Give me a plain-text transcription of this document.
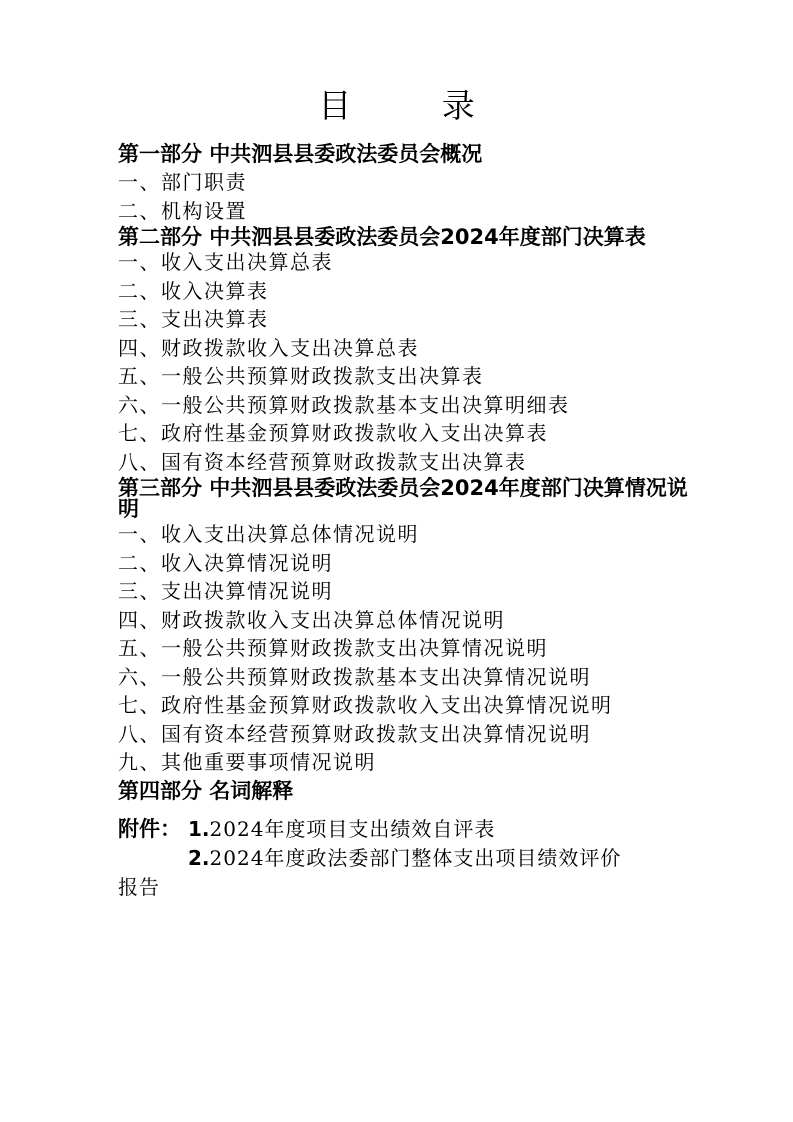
目 录
第一部分 中共泗县县委政法委员会概况
一、部门职责
二、机构设置
第二部分 中共泗县县委政法委员会2024年度部门决算表
一、收入支出决算总表
二、收入决算表
三、支出决算表
四、财政拨款收入支出决算总表
五、一般公共预算财政拨款支出决算表
六、一般公共预算财政拨款基本支出决算明细表
七、政府性基金预算财政拨款收入支出决算表
八、国有资本经营预算财政拨款支出决算表
第三部分 中共泗县县委政法委员会2024年度部门决算情况说明
一、收入支出决算总体情况说明
二、收入决算情况说明
三、支出决算情况说明
四、财政拨款收入支出决算总体情况说明
五、一般公共预算财政拨款支出决算情况说明
六、一般公共预算财政拨款基本支出决算情况说明
七、政府性基金预算财政拨款收入支出决算情况说明
八、国有资本经营预算财政拨款支出决算情况说明
九、其他重要事项情况说明
第四部分 名词解释
附件： 1. 2024年度项目支出绩效自评表
2. 2024年度政法委部门整体支出项目绩效评价
报告
